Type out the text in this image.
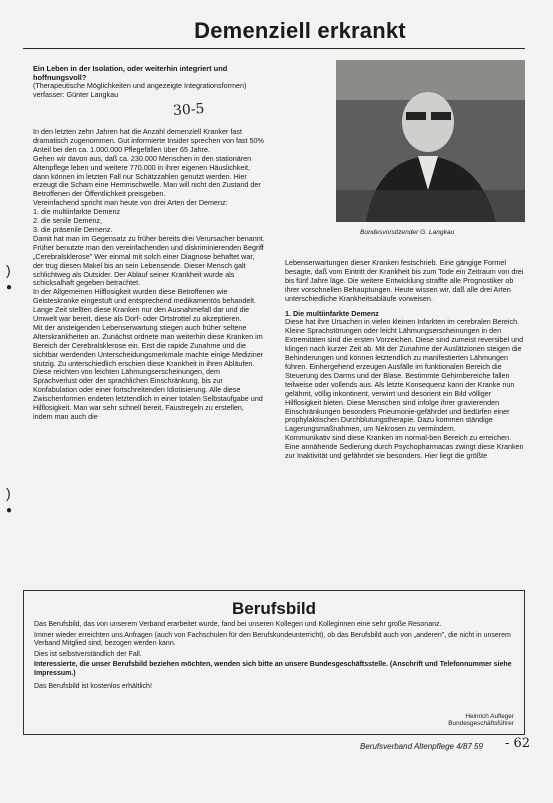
Demenziell erkrankt

Ein Leben in der Isolation, oder weiterhin integriert und hoffnungsvoll?

(Therapeutische Möglichkeiten und angezeigte Integrationsformen)

verfasser: Günter Langkau

30-5

In den letzten zehn Jahren hat die Anzahl demenziell Kranker fast dramatisch zugenommen. Gut informierte Insider sprechen von fast 50% Anteil bei den ca. 1.000.000 Pflegefällen über 65 Jahre.

Gehen wir davon aus, daß ca. 230.000 Menschen in den stationären Altenpflege leben und weitere 770.000 in ihrer eigenen Häuslichkeit, dann können im letzten Fall nur Schätzzahlen genutzt werden. Hier erzeugt die Scham eine Hemmschwelle. Man will nicht den Zustand der Betroffenen der Öffentlichkeit preisgeben.

Vereinfachend spricht man heute von drei Arten der Demenz:

1. die multiinfarkte Demenz

2. die senile Demenz,

3. die präsenile Demenz.

Damit hat man im Gegensatz zu früher bereits drei Verursacher benannt. Früher benutzte man den vereinfachenden und diskriminierenden Begriff „Cerebralsklerose" Wer einmal mit solch einer Diagnose behaftet war, der trug diesen Makel bis an sein Lebensende. Dieser Mensch galt schlichtweg als Outsider. Der Ablauf seiner Krankheit wurde als schicksalhaft gegeben betrachtet.

In der Allgemeinen Hilflosigkeit wurden diese Betroffenen wie Geisteskranke eingestuft und entsprechend medikamentös behandelt.

Lange Zeit stellten diese Kranken nur den Ausnahmefall dar und die Umwelt war bereit, diese als Dorf- oder Ortstrottel zu akzeptieren.

Mit der ansteigenden Lebenserwartung stiegen auch früher seltene Alterskrankheiten an. Zunächst ordnete man weiterhin diese Kranken im Bereich der Cerebralsklerose ein. Erst die rapide Zunahme und die sichtbar werdenden Unterscheidungsmerkmale machte einige Mediziner stutzig. Zu unterschiedlich erschien diese Krankheit in ihren Abläufen. Diese reichten von leichten Lähmungserscheinungen, dem Sprachverlust oder der sprachlichen Einschränkung, bis zur Konfabulation oder einer fortschreitenden Idiotisierung. Alle diese Zwischenformen endeten letztendlich in einer totalen Selbstaufgabe und Hilflosigkeit. Man war sehr schnell bereit, Faustregeln zu erstellen, indem man auch die

Bundesvorsitzender G. Langkau
)
●
)
●

Lebenserwartungen dieser Kranken festschrieb. Eine gängige Formel besagte, daß vom Eintritt der Krankheit bis zum Tode ein Zeitraum von drei bis fünf Jahre läge. Die weitere Entwicklung straffte alle Prognostiker ob ihrer vorschnellen Behauptungen. Heute wissen wir, daß alle drei Arten unterschiedliche Krankheitsabläufe vorweisen.

1. Die multiinfarkte Demenz

Diese hat ihre Ursachen in vielen kleinen Infarkten im cerebralen Bereich. Kleine Sprachstörungen oder leicht Lähmungserscheinungen in den Extremitäten sind die ersten Vorzeichen. Diese sind zumeist reversibel und klingen nach kurzer Zeit ab. Mit der Zunahme der Auslätzionen steigen die Behinderungen und können letztendlich zu manifestierten Lähmungen führen. Einhergehend erzeugen Ausfälle im funktionalen Bereich die Steuerung des Darms und der Blase. Bestimmte Gehirnbereiche fallen teilweise oder vollends aus. Als letzte Konsequenz kann der Kranke nun gelähmt, völlig inkontinent, verwirrt und desorient ein Bild völliger Hilflosigkeit bieten. Diese Menschen sind infolge ihrer gravierenden Einschränkungen besonders Pneumonie-gefährdet und bedürfen einer prophylaktischen Durchblutungstherapie. Dazu kommen ständige Lagerungsmaßnahmen, um Nekrosen zu vermindern.

Kommunikativ sind diese Kranken im normal-ben Bereich zu erreichen. Eine annähende Sedierung durch Psychopharmacas zwingt diese Kranken zur Inaktivität und gefährdet sie besonders. Hier liegt die größte

Berufsbild

Das Berufsbild, das von unserem Verband erarbeitet wurde, fand bei unseren Kollegen und Kolleginnen eine sehr große Resonanz.

Immer wieder erreichten uns Anfragen (auch von Fachschulen für den Berufskundeunterricht), ob das Berufsbild auch von „anderen", die nicht in unserem Verband Mitglied sind, bezogen werden kann.

Dies ist selbstverständlich der Fall.

Interessierte, die unser Berufsbild beziehen möchten, wenden sich bitte an unsere Bundesgeschäftsstelle. (Anschrift und Telefonnummer siehe Impressum.)

Das Berufsbild ist kostenlos erhältlich!

Heinrich Aufleger
Bundesgeschäftsführer
Berufsverband Altenpflege 4/87 59 - 62
